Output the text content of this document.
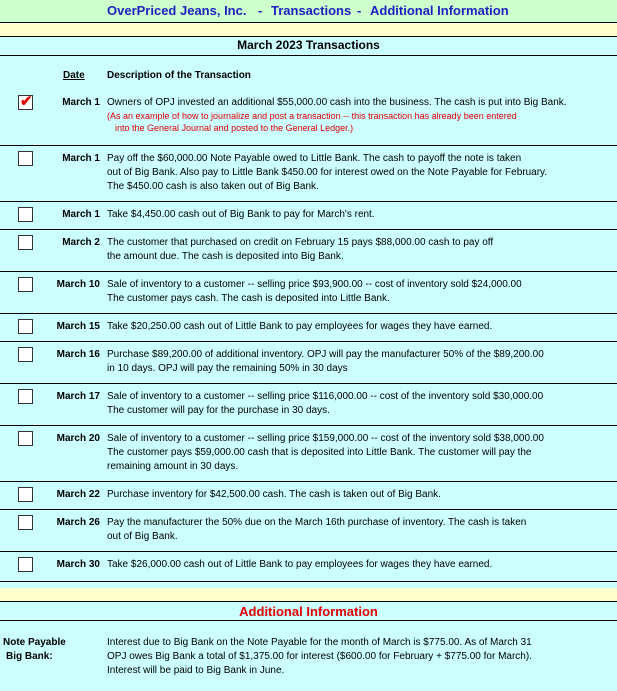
OverPriced Jeans, Inc. - Transactions - Additional Information
March 2023 Transactions
Date Description of the Transaction
✔	March 1 Owners of OPJ invested an additional $55,000.00 cash into the business. The cash is put into Big Bank.
(As an example of how to journalize and post a transaction -- this transaction has already been entered
into the General Journal and posted to the General Ledger.)
March 1 Pay off the $60,000.00 Note Payable owed to Little Bank. The cash to payoff the note is taken
out of Big Bank. Also pay to Little Bank $450.00 for interest owed on the Note Payable for February.
The $450.00 cash is also taken out of Big Bank.
March 1 Take $4,450.00 cash out of Big Bank to pay for March's rent.
March 2 The customer that purchased on credit on February 15 pays $88,000.00 cash to pay off
the amount due. The cash is deposited into Big Bank.
March 10 Sale of inventory to a customer -- selling price $93,900.00 -- cost of inventory sold $24,000.00
The customer pays cash. The cash is deposited into Little Bank.
March 15 Take $20,250.00 cash out of Little Bank to pay employees for wages they have earned.
March 16 Purchase $89,200.00 of additional inventory. OPJ will pay the manufacturer 50% of the $89,200.00
in 10 days. OPJ will pay the remaining 50% in 30 days
March 17 Sale of inventory to a customer -- selling price $116,000.00 -- cost of the inventory sold $30,000.00
The customer will pay for the purchase in 30 days.
March 20 Sale of inventory to a customer -- selling price $159,000.00 -- cost of the inventory sold $38,000.00
The customer pays $59,000.00 cash that is deposited into Little Bank. The customer will pay the
remaining amount in 30 days.
March 22 Purchase inventory for $42,500.00 cash. The cash is taken out of Big Bank.
March 26 Pay the manufacturer the 50% due on the March 16th purchase of inventory. The cash is taken
out of Big Bank.
March 30 Take $26,000.00 cash out of Little Bank to pay employees for wages they have earned.
Additional Information
Note Payable
Big Bank:
Interest due to Big Bank on the Note Payable for the month of March is $775.00. As of March 31
OPJ owes Big Bank a total of $1,375.00 for interest ($600.00 for February + $775.00 for March).
Interest will be paid to Big Bank in June.
